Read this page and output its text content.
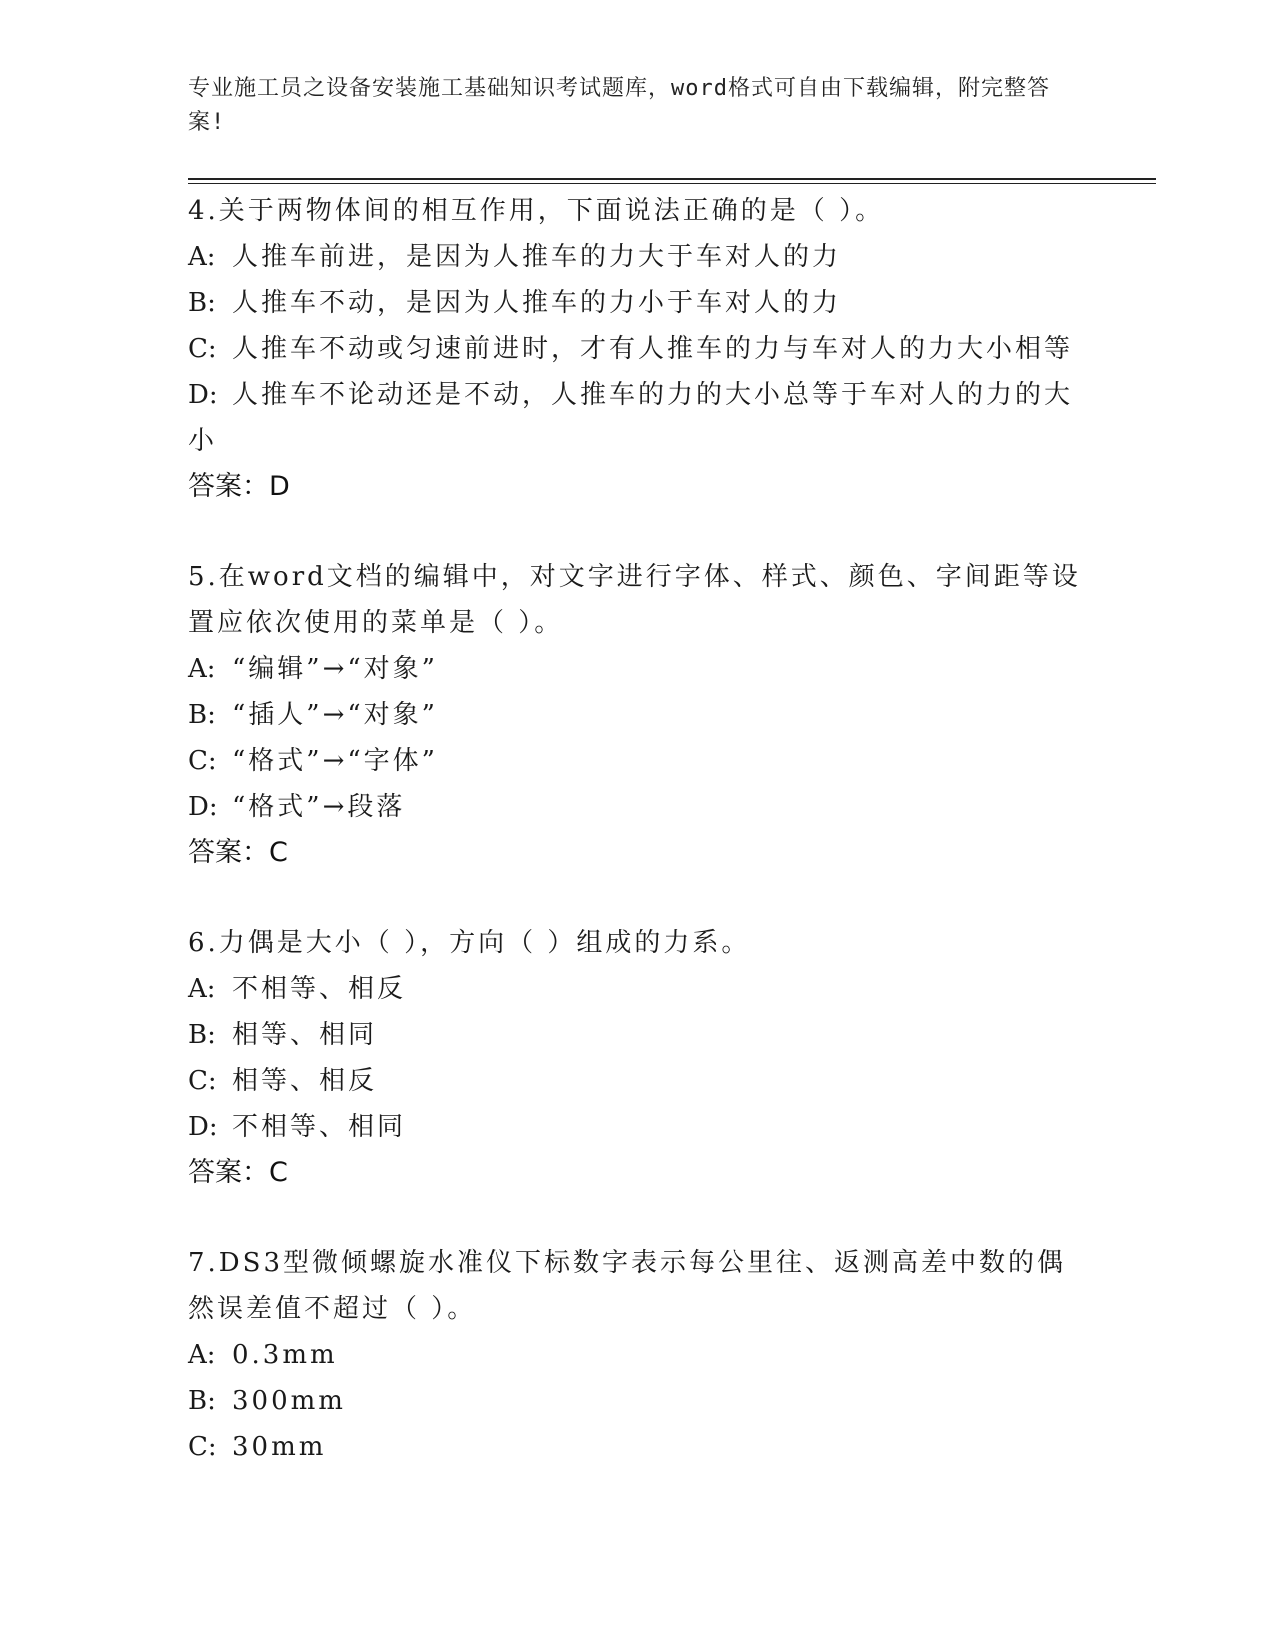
专业施工员之设备安装施工基础知识考试题库，word格式可自由下载编辑，附完整答案!
4.关于两物体间的相互作用，下面说法正确的是（ ）。
A: 人推车前进，是因为人推车的力大于车对人的力
B: 人推车不动，是因为人推车的力小于车对人的力
C: 人推车不动或匀速前进时，才有人推车的力与车对人的力大小相等
D: 人推车不论动还是不动，人推车的力的大小总等于车对人的力的大小
答案：D
5.在word文档的编辑中，对文字进行字体、样式、颜色、字间距等设置应依次使用的菜单是（ ）。
A: “编辑”→“对象”
B: “插人”→“对象”
C: “格式”→“字体”
D: “格式”→段落
答案：C
6.力偶是大小（ ），方向（ ）组成的力系。
A: 不相等、相反
B: 相等、相同
C: 相等、相反
D: 不相等、相同
答案：C
7.DS3型微倾螺旋水准仪下标数字表示每公里往、返测高差中数的偶然误差值不超过（ ）。
A: 0.3mm
B: 300mm
C: 30mm
